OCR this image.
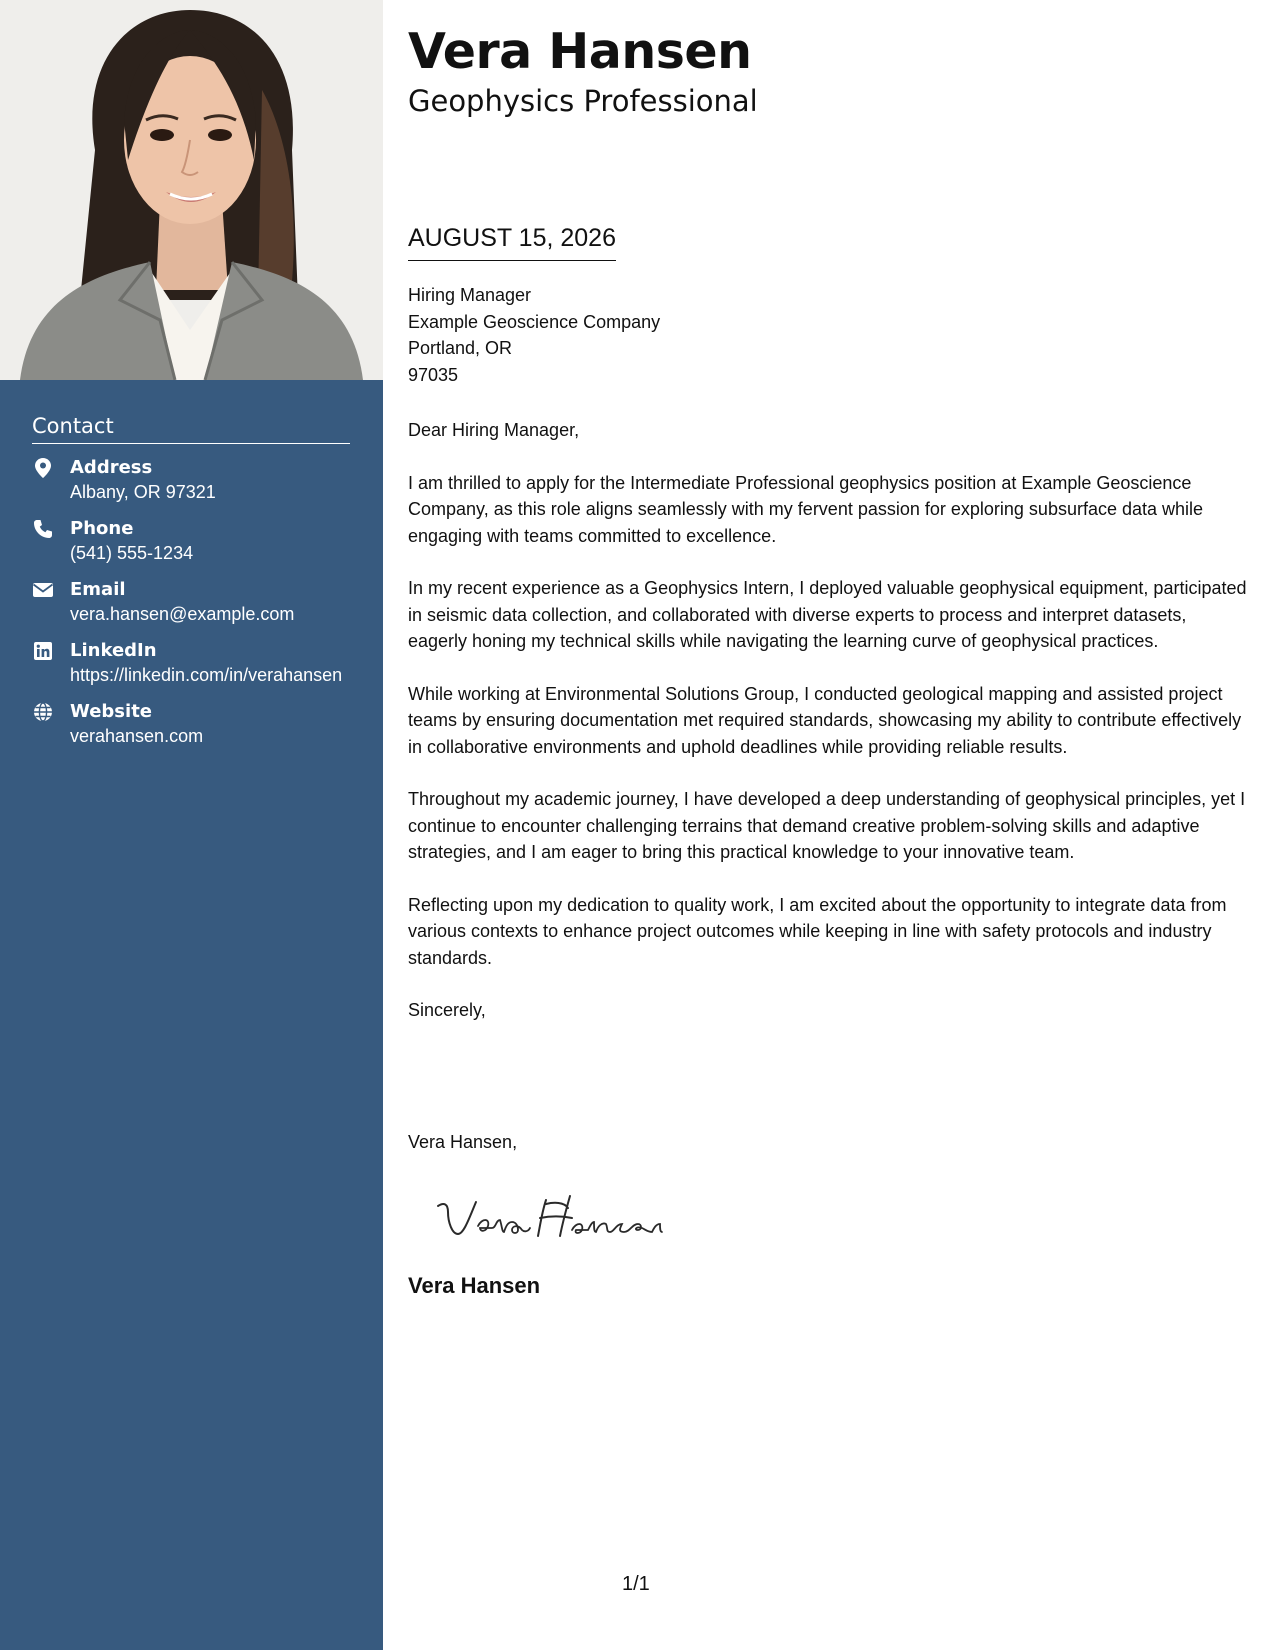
Contact
Address
Albany, OR 97321
Phone
(541) 555-1234
Email
vera.hansen@example.com
LinkedIn
https://linkedin.com/in/verahansen
Website
verahansen.com
Vera Hansen
Geophysics Professional
AUGUST 15, 2026
Hiring Manager
Example Geoscience Company
Portland, OR
97035

Dear Hiring Manager,

I am thrilled to apply for the Intermediate Professional geophysics position at Example Geoscience Company, as this role aligns seamlessly with my fervent passion for exploring subsurface data while engaging with teams committed to excellence.

In my recent experience as a Geophysics Intern, I deployed valuable geophysical equipment, participated in seismic data collection, and collaborated with diverse experts to process and interpret datasets, eagerly honing my technical skills while navigating the learning curve of geophysical practices.

While working at Environmental Solutions Group, I conducted geological mapping and assisted project teams by ensuring documentation met required standards, showcasing my ability to contribute effectively in collaborative environments and uphold deadlines while providing reliable results.

Throughout my academic journey, I have developed a deep understanding of geophysical principles, yet I continue to encounter challenging terrains that demand creative problem-solving skills and adaptive strategies, and I am eager to bring this practical knowledge to your innovative team.

Reflecting upon my dedication to quality work, I am excited about the opportunity to integrate data from various contexts to enhance project outcomes while keeping in line with safety protocols and industry standards.

Sincerely,

Vera Hansen,
Vera Hansen
1/1
